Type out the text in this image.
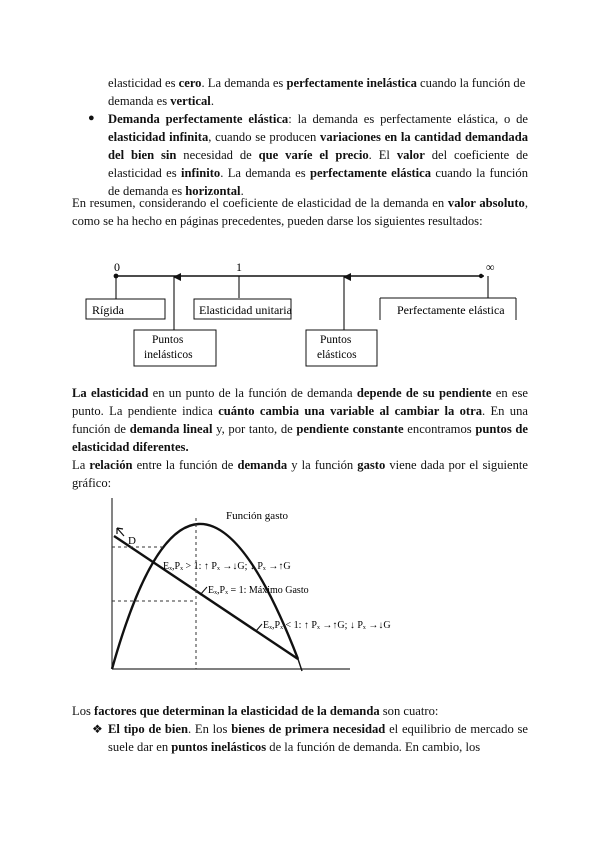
elasticidad es cero. La demanda es perfectamente inelástica cuando la función de demanda es vertical.

● Demanda perfectamente elástica: la demanda es perfectamente elástica, o de elasticidad infinita, cuando se producen variaciones en la cantidad demandada del bien sin necesidad de que varíe el precio. El valor del coeficiente de elasticidad es infinito. La demanda es perfectamente elástica cuando la función de demanda es horizontal.

En resumen, considerando el coeficiente de elasticidad de la demanda en valor absoluto, como se ha hecho en páginas precedentes, pueden darse los siguientes resultados:

0	1	∞
Rígida	Elasticidad unitaria	Perfectamente elástica
Puntos
inelásticos
Puntos
elásticos

La elasticidad en un punto de la función de demanda depende de su pendiente en ese punto. La pendiente indica cuánto cambia una variable al cambiar la otra. En una función de demanda lineal y, por tanto, de pendiente constante encontramos puntos de elasticidad diferentes.

La relación entre la función de demanda y la función gasto viene dada por el siguiente gráfico:

D
Función gasto
Eₓ,Pₓ > 1: ↑ Pₓ →↓G; ↓ Pₓ →↑G
Eₓ,Pₓ = 1: Máximo Gasto
Eₓ,Pₓ < 1: ↑ Pₓ →↑G; ↓ Pₓ →↓G

Los factores que determinan la elasticidad de la demanda son cuatro:

❖ El tipo de bien. En los bienes de primera necesidad el equilibrio de mercado se suele dar en puntos inelásticos de la función de demanda. En cambio, los
